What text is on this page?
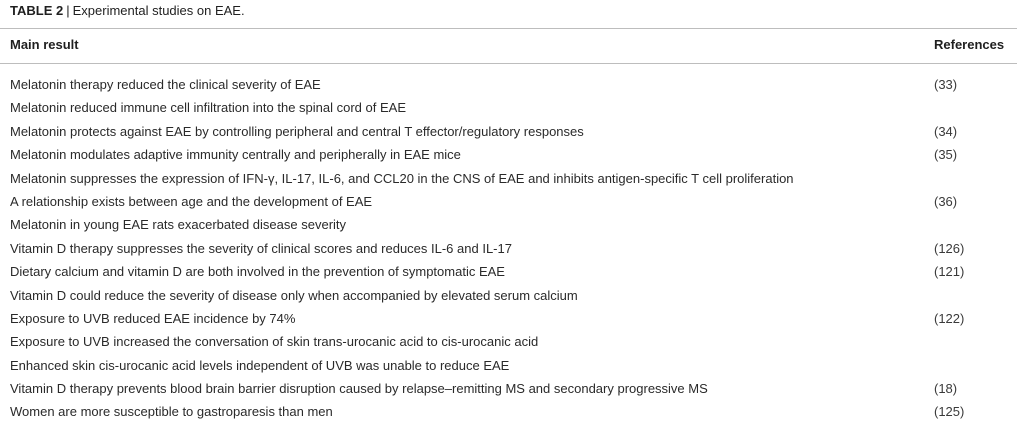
TABLE 2 | Experimental studies on EAE.
Main result	References
Melatonin therapy reduced the clinical severity of EAE	(33)
Melatonin reduced immune cell infiltration into the spinal cord of EAE
Melatonin protects against EAE by controlling peripheral and central T effector/regulatory responses	(34)
Melatonin modulates adaptive immunity centrally and peripherally in EAE mice	(35)
Melatonin suppresses the expression of IFN-γ, IL-17, IL-6, and CCL20 in the CNS of EAE and inhibits antigen-specific T cell proliferation
A relationship exists between age and the development of EAE	(36)
Melatonin in young EAE rats exacerbated disease severity
Vitamin D therapy suppresses the severity of clinical scores and reduces IL-6 and IL-17	(126)
Dietary calcium and vitamin D are both involved in the prevention of symptomatic EAE	(121)
Vitamin D could reduce the severity of disease only when accompanied by elevated serum calcium
Exposure to UVB reduced EAE incidence by 74%	(122)
Exposure to UVB increased the conversation of skin trans-urocanic acid to cis-urocanic acid
Enhanced skin cis-urocanic acid levels independent of UVB was unable to reduce EAE
Vitamin D therapy prevents blood brain barrier disruption caused by relapse–remitting MS and secondary progressive MS	(18)
Women are more susceptible to gastroparesis than men	(125)
